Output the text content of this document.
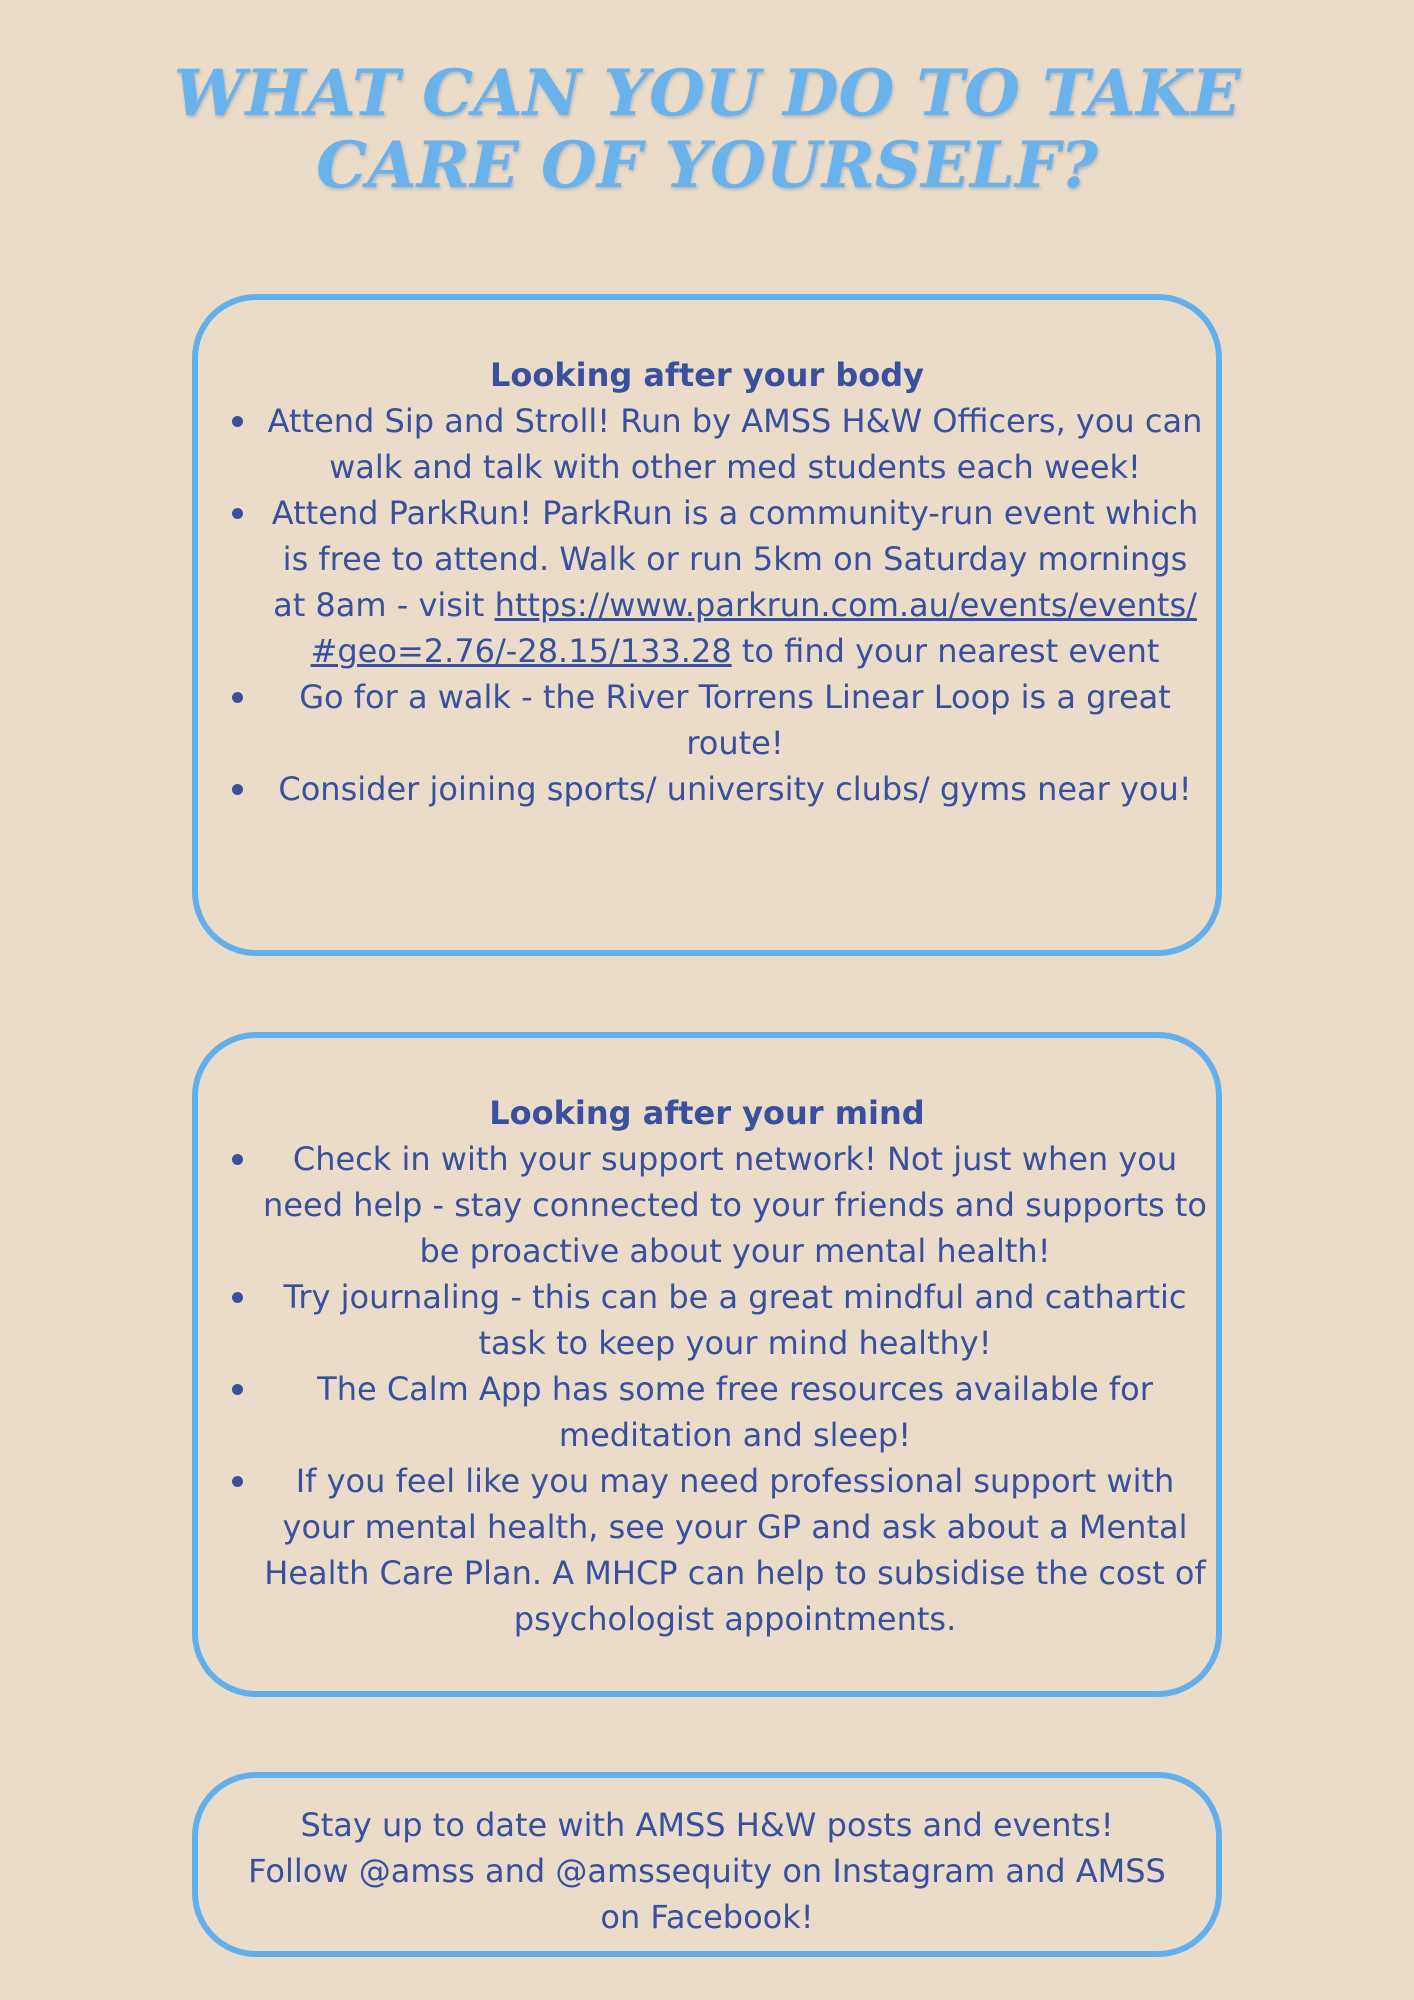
WHAT CAN YOU DO TO TAKE
CARE OF YOURSELF?
Looking after your body
Attend Sip and Stroll! Run by AMSS H&W Officers, you can walk and talk with other med students each week!
Attend ParkRun! ParkRun is a community-run event which is free to attend. Walk or run 5km on Saturday mornings at 8am - visit https://www.parkrun.com.au/events/events/#geo=2.76/-28.15/133.28 to find your nearest event
Go for a walk - the River Torrens Linear Loop is a great route!
Consider joining sports/ university clubs/ gyms near you!
Looking after your mind
Check in with your support network! Not just when you need help - stay connected to your friends and supports to be proactive about your mental health!
Try journaling - this can be a great mindful and cathartic task to keep your mind healthy!
The Calm App has some free resources available for meditation and sleep!
If you feel like you may need professional support with your mental health, see your GP and ask about a Mental Health Care Plan. A MHCP can help to subsidise the cost of psychologist appointments.
Stay up to date with AMSS H&W posts and events! Follow @amss and @amssequity on Instagram and AMSS on Facebook!
